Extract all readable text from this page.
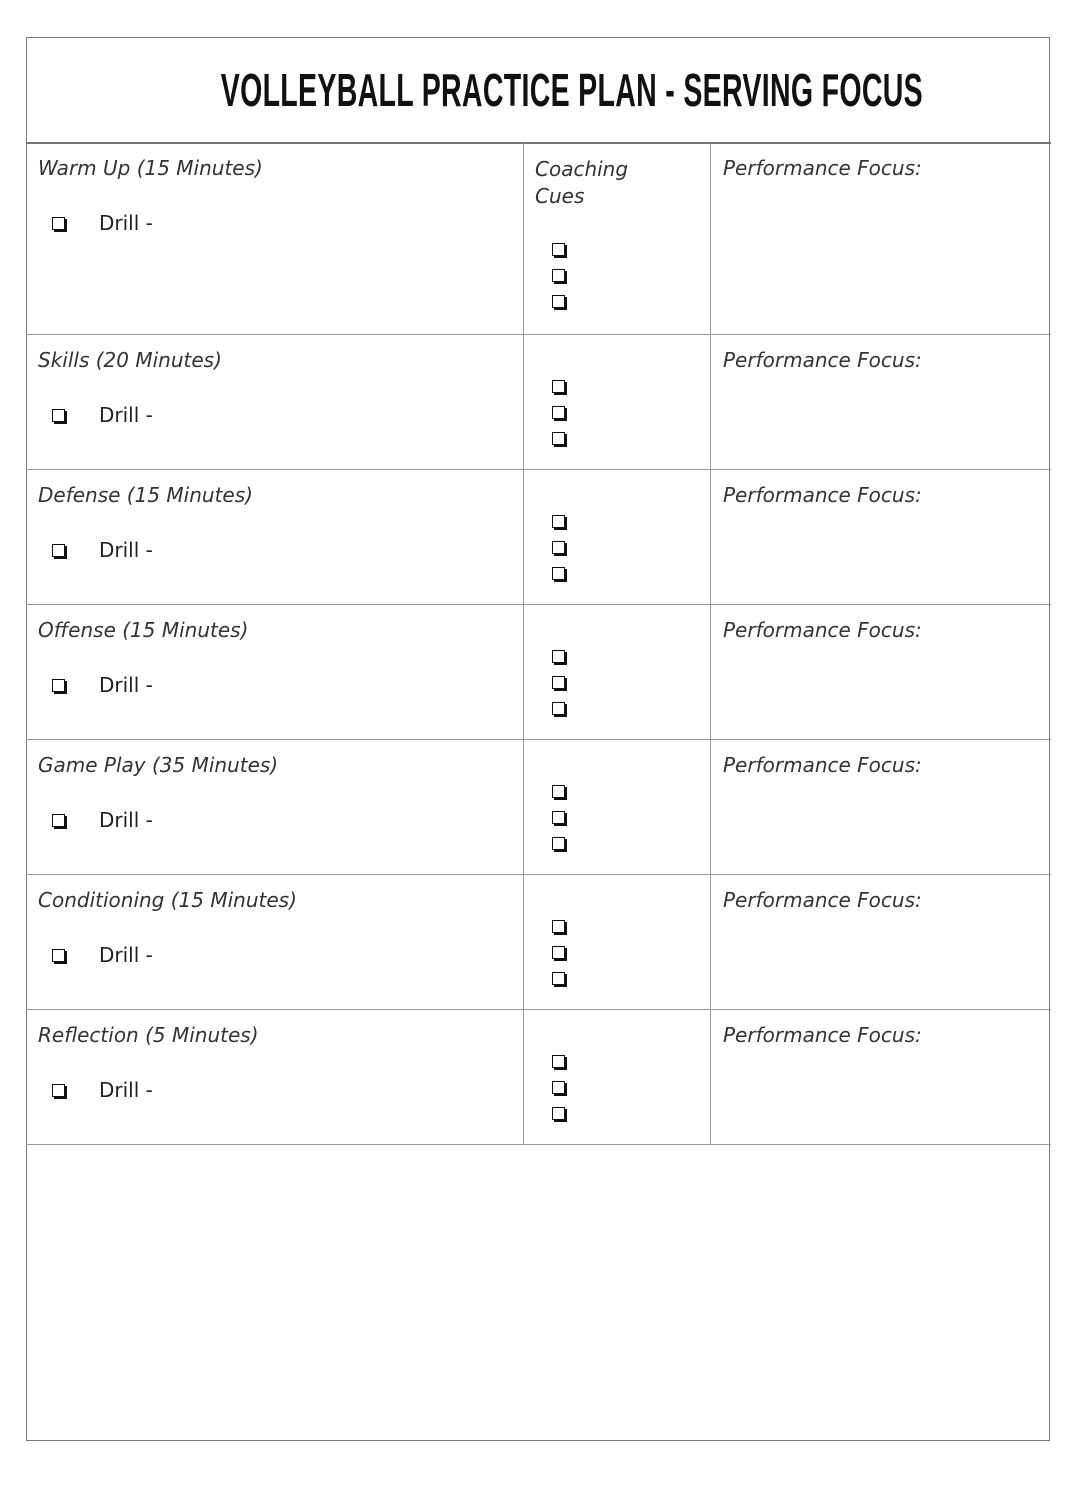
VOLLEYBALL PRACTICE PLAN - SERVING FOCUS
Warm Up (15 Minutes)
Drill -
Coaching Cues
Performance Focus:
Skills (20 Minutes)
Drill -
Performance Focus:
Defense (15 Minutes)
Drill -
Performance Focus:
Offense (15 Minutes)
Drill -
Performance Focus:
Game Play (35 Minutes)
Drill -
Performance Focus:
Conditioning (15 Minutes)
Drill -
Performance Focus:
Reflection (5 Minutes)
Drill -
Performance Focus:
